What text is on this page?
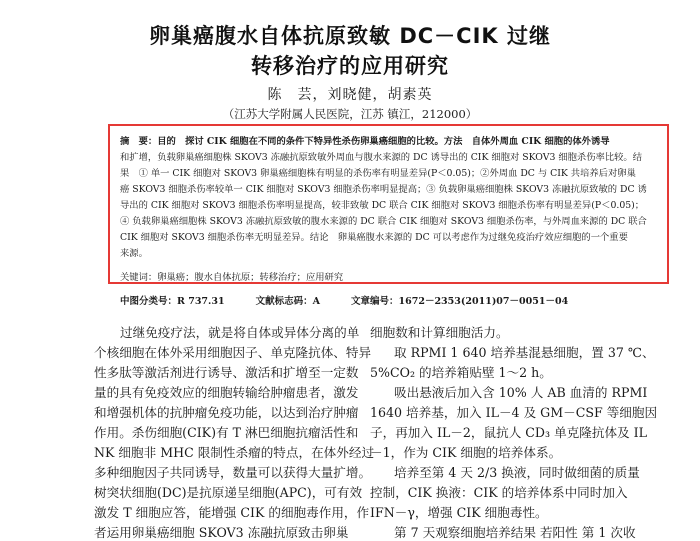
卵巢癌腹水自体抗原致敏 DC－CIK 过继
转移治疗的应用研究
陈　芸，刘晓健，胡素英
（江苏大学附属人民医院，江苏 镇江，212000）
摘　要：目的　探讨 CIK 细胞在不同的条件下特异性杀伤卵巢癌细胞的比较。方法　自体外周血 CIK 细胞的体外诱导
和扩增，负载卵巢癌细胞株 SKOV3 冻融抗原致敏外周血与腹水来源的 DC 诱导出的 CIK 细胞对 SKOV3 细胞杀伤率比较。结
果　① 单一 CIK 细胞对 SKOV3 卵巢癌细胞株有明显的杀伤率有明显差异(P＜0.05)；②外周血 DC 与 CIK 共培养后对卵巢
癌 SKOV3 细胞杀伤率较单一 CIK 细胞对 SKOV3 细胞杀伤率明显提高；③ 负载卵巢癌细胞株 SKOV3 冻融抗原致敏的 DC 诱
导出的 CIK 细胞对 SKOV3 细胞杀伤率明显提高，较非致敏 DC 联合 CIK 细胞对 SKOV3 细胞杀伤率有明显差异(P＜0.05)；
④ 负载卵巢癌细胞株 SKOV3 冻融抗原致敏的腹水来源的 DC 联合 CIK 细胞对 SKOV3 细胞杀伤率，与外周血来源的 DC 联合
CIK 细胞对 SKOV3 细胞杀伤率无明显差异。结论　卵巢癌腹水来源的 DC 可以考虑作为过继免疫治疗效应细胞的一个重要
来源。
关键词：卵巢癌；腹水自体抗原；转移治疗；应用研究
中图分类号：R 737.31	文献标志码：A	文章编号：1672－2353(2011)07－0051－04
过继免疫疗法，就是将自体或异体分离的单
个核细胞在体外采用细胞因子、单克隆抗体、特异
性多肽等激活剂进行诱导、激活和扩增至一定数
量的具有免疫效应的细胞转输给肿瘤患者，激发
和增强机体的抗肿瘤免疫功能，以达到治疗肿瘤
作用。杀伤细胞(CIK)有 T 淋巴细胞抗瘤活性和
NK 细胞非 MHC 限制性杀瘤的特点，在体外经过
多种细胞因子共同诱导，数量可以获得大量扩增。
树突状细胞(DC)是抗原递呈细胞(APC)，可有效
激发 T 细胞应答，能增强 CIK 的细胞毒作用，作
者运用卵巢癌细胞 SKOV3 冻融抗原致击卵巢
细胞数和计算细胞活力。
取 RPMI 1 640 培养基混悬细胞，置 37 ℃、
5%CO₂ 的培养箱贴壁 1～2 h。
吸出悬液后加入含 10% 人 AB 血清的 RPMI
1640 培养基，加入 IL－4 及 GM－CSF 等细胞因
子，再加入 IL－2，鼠抗人 CD₃ 单克隆抗体及 IL
－1，作为 CIK 细胞的培养体系。
培养至第 4 天 2/3 换液，同时做细菌的质量
控制，CIK 换液：CIK 的培养体系中同时加入
IFN－γ，增强 CIK 细胞毒性。
第 7 天观察细胞培养结果 若阳性 第 1 次收
